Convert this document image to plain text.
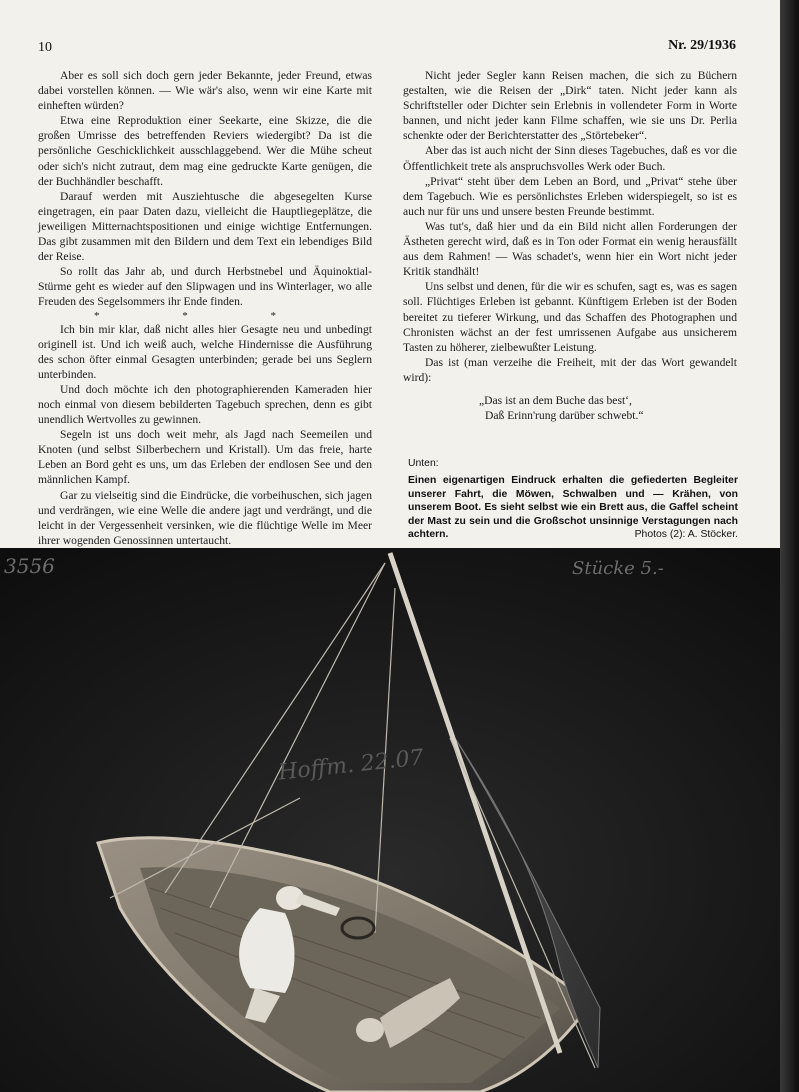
10	Nr. 29/1936

Aber es soll sich doch gern jeder Bekannte, jeder Freund, etwas dabei vorstellen können. — Wie wär's also, wenn wir eine Karte mit einheften würden?

Etwa eine Reproduktion einer Seekarte, eine Skizze, die die großen Umrisse des betreffenden Reviers wiedergibt? Da ist die persönliche Geschicklichkeit ausschlaggebend. Wer die Mühe scheut oder sich's nicht zutraut, dem mag eine gedruckte Karte genügen, die der Buchhändler beschafft.

Darauf werden mit Ausziehtusche die abgesegelten Kurse eingetragen, ein paar Daten dazu, vielleicht die Hauptliegeplätze, die jeweiligen Mitternachtspositionen und einige wichtige Entfernungen. Das gibt zusammen mit den Bildern und dem Text ein lebendiges Bild der Reise.

So rollt das Jahr ab, und durch Herbstnebel und Äquinoktial-Stürme geht es wieder auf den Slipwagen und ins Winterlager, wo alle Freuden des Segelsommers ihr Ende finden.

* * *

Ich bin mir klar, daß nicht alles hier Gesagte neu und unbedingt originell ist. Und ich weiß auch, welche Hindernisse die Ausführung des schon öfter einmal Gesagten unterbinden; gerade bei uns Seglern unterbinden.

Und doch möchte ich den photographierenden Kameraden hier noch einmal von diesem bebilderten Tagebuch sprechen, denn es gibt unendlich Wertvolles zu gewinnen.

Segeln ist uns doch weit mehr, als Jagd nach Seemeilen und Knoten (und selbst Silberbechern und Kristall). Um das freie, harte Leben an Bord geht es uns, um das Erleben der endlosen See und den männlichen Kampf.

Gar zu vielseitig sind die Eindrücke, die vorbeihuschen, sich jagen und verdrängen, wie eine Welle die andere jagt und verdrängt, und die leicht in der Vergessenheit versinken, wie die flüchtige Welle im Meer ihrer wogenden Genossinnen untertaucht.

Nicht jeder Segler kann Reisen machen, die sich zu Büchern gestalten, wie die Reisen der „Dirk“ taten. Nicht jeder kann als Schriftsteller oder Dichter sein Erlebnis in vollendeter Form in Worte bannen, und nicht jeder kann Filme schaffen, wie sie uns Dr. Perlia schenkte oder der Berichterstatter des „Störtebeker“.

Aber das ist auch nicht der Sinn dieses Tagebuches, daß es vor die Öffentlichkeit trete als anspruchsvolles Werk oder Buch.

„Privat“ steht über dem Leben an Bord, und „Privat“ stehe über dem Tagebuch. Wie es persönlichstes Erleben widerspiegelt, so ist es auch nur für uns und unsere besten Freunde bestimmt.

Was tut's, daß hier und da ein Bild nicht allen Forderungen der Ästheten gerecht wird, daß es in Ton oder Format ein wenig herausfällt aus dem Rahmen! — Was schadet's, wenn hier ein Wort nicht jeder Kritik standhält!

Uns selbst und denen, für die wir es schufen, sagt es, was es sagen soll. Flüchtiges Erleben ist gebannt. Künftigem Erleben ist der Boden bereitet zu tieferer Wirkung, und das Schaffen des Photographen und Chronisten wächst an der fest umrissenen Aufgabe aus unsicherem Tasten zu höherer, zielbewußter Leistung.

Das ist (man verzeihe die Freiheit, mit der das Wort gewandelt wird):

„Das ist an dem Buche das best‘,
Daß Erinn'rung darüber schwebt.“
Unten:
Einen eigenartigen Eindruck erhalten die gefiederten Begleiter unserer Fahrt, die Möwen, Schwalben und — Krähen, von unserem Boot. Es sieht selbst wie ein Brett aus, die Gaffel scheint der Mast zu sein und die Großschot unsinnige Verstagungen nach achtern.	Photos (2): A. Stöcker.
3556	Stücke 5.-
Hoffm. 22.07
